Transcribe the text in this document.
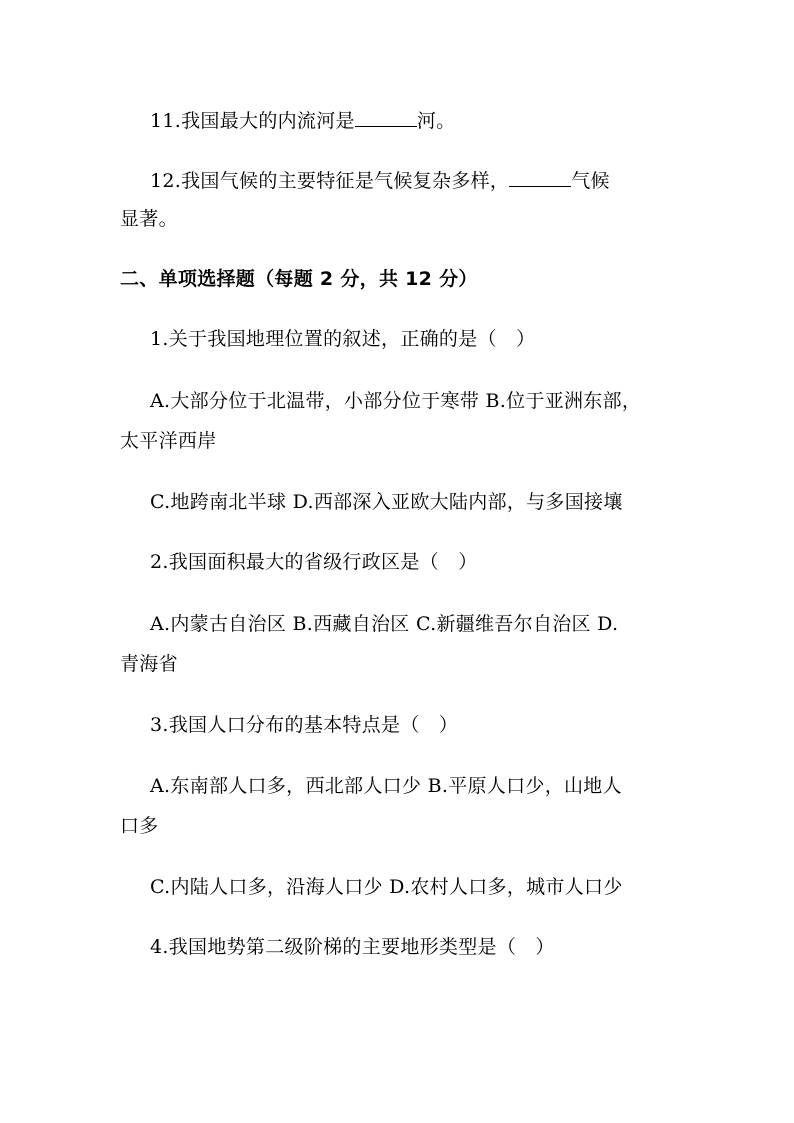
11.我国最大的内流河是	河。
12.我国气候的主要特征是气候复杂多样，	气候
显著。
二、单项选择题（每题 2 分，共 12 分）
1.关于我国地理位置的叙述，正确的是（　）
A.大部分位于北温带，小部分位于寒带 B.位于亚洲东部，
太平洋西岸
C.地跨南北半球 D.西部深入亚欧大陆内部，与多国接壤
2.我国面积最大的省级行政区是（　）
A.内蒙古自治区 B.西藏自治区 C.新疆维吾尔自治区 D.
青海省
3.我国人口分布的基本特点是（　）
A.东南部人口多，西北部人口少 B.平原人口少，山地人
口多
C.内陆人口多，沿海人口少 D.农村人口多，城市人口少
4.我国地势第二级阶梯的主要地形类型是（　）
